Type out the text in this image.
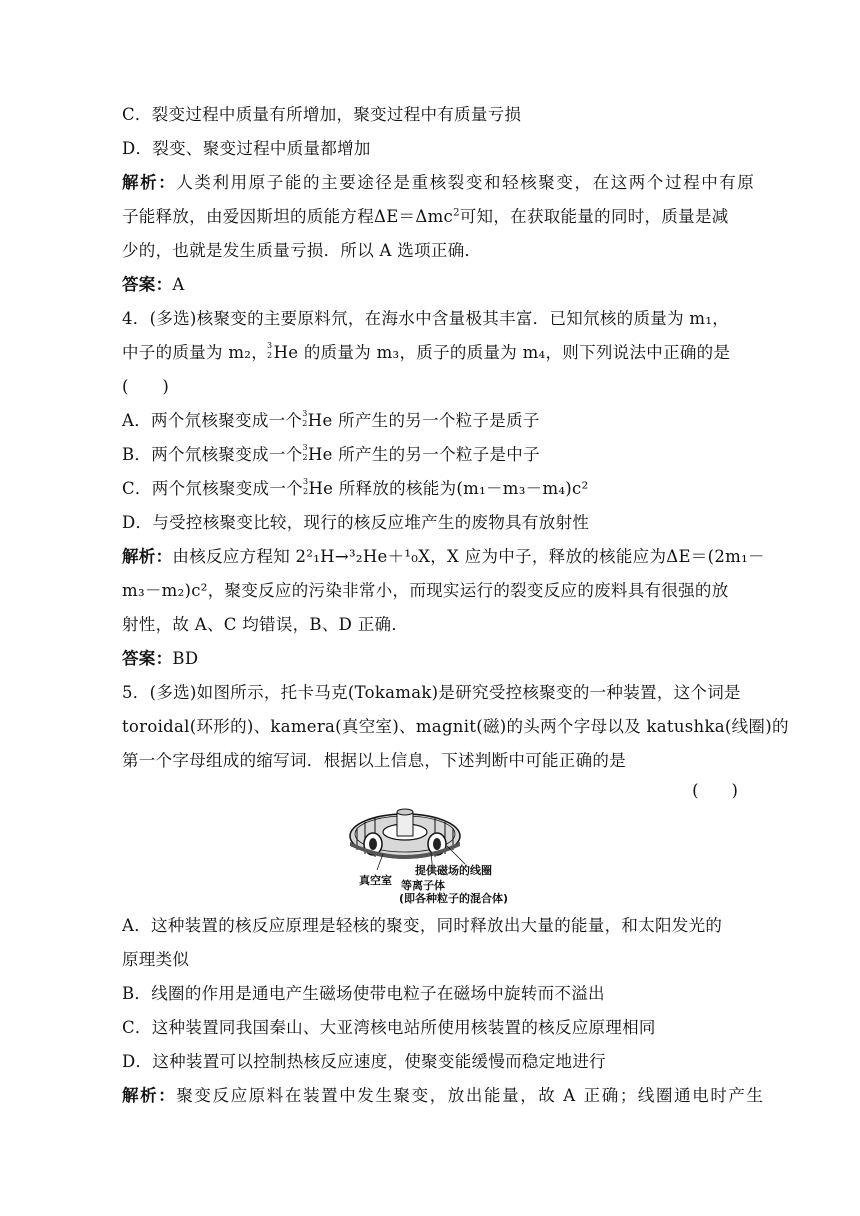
C．裂变过程中质量有所增加，聚变过程中有质量亏损
D．裂变、聚变过程中质量都增加
解析：人类利用原子能的主要途径是重核裂变和轻核聚变，在这两个过程中有原
子能释放，由爱因斯坦的质能方程ΔE＝Δmc$^2$可知，在获取能量的同时，质量是减
少的，也就是发生质量亏损．所以 A 选项正确．
答案：A
4．(多选)核聚变的主要原料氘，在海水中含量极其丰富．已知氘核的质量为 m₁，
中子的质量为 m₂， 3
2 He 的质量为 m₃，质子的质量为 m₄，则下列说法中正确的是
(　　)
A．两个氘核聚变成一个 3
2 He 所产生的另一个粒子是质子
B．两个氘核聚变成一个 3
2 He 所产生的另一个粒子是中子
C．两个氘核聚变成一个 3
2 He 所释放的核能为(m₁－m₃－m₄)c²
D．与受控核聚变比较，现行的核反应堆产生的废物具有放射性
解析：由核反应方程知 2²₁H→³₂He＋¹₀X，X 应为中子，释放的核能应为ΔE＝(2m₁－
m₃－m₂)c²，聚变反应的污染非常小，而现实运行的裂变反应的废料具有很强的放
射性，故 A、C 均错误，B、D 正确．
答案：BD
5．(多选)如图所示，托卡马克(Tokamak)是研究受控核聚变的一种装置，这个词是
toroidal(环形的)、kamera(真空室)、magnit(磁)的头两个字母以及 katushka(线圈)的
第一个字母组成的缩写词．根据以上信息，下述判断中可能正确的是
(　　)
提供磁场的线圈
真空室 等离子体
(即各种粒子的混合体)
A．这种装置的核反应原理是轻核的聚变，同时释放出大量的能量，和太阳发光的
原理类似
B．线圈的作用是通电产生磁场使带电粒子在磁场中旋转而不溢出
C．这种装置同我国秦山、大亚湾核电站所使用核装置的核反应原理相同
D．这种装置可以控制热核反应速度，使聚变能缓慢而稳定地进行
解析：聚变反应原料在装置中发生聚变，放出能量，故 A 正确；线圈通电时产生
